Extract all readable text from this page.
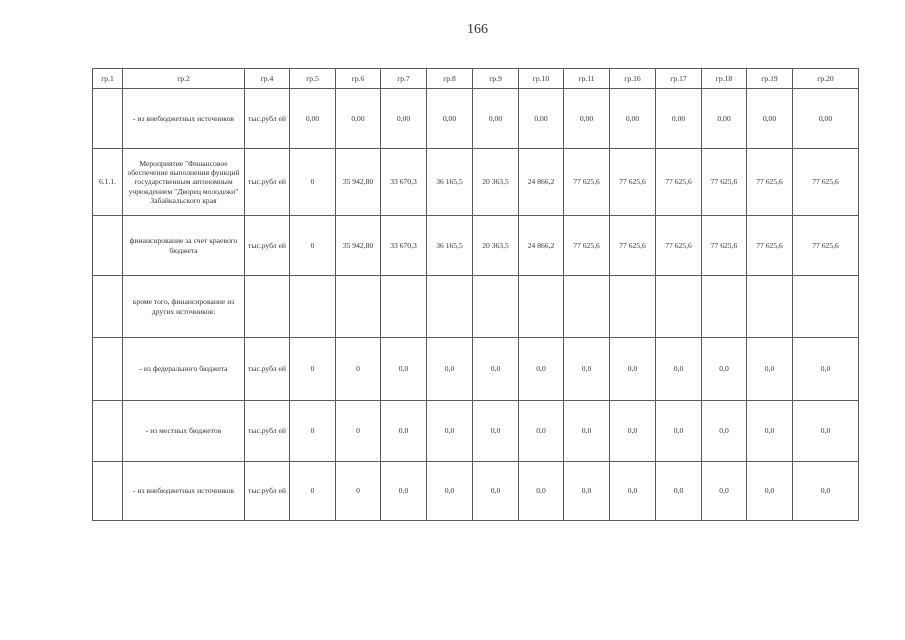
166
гр.1	гр.2	гр.4	гр.5	гр.6	гр.7	гр.8	гр.9	гр.10	гр.11	гр.16	гр.17	гр.18	гр.19	гр.20
	- из внебюджетных источников	тыс.рубл ей	0,00	0,00	0,00	0,00	0,00	0,00	0,00	0,00	0,00	0,00	0,00	0,00
6.1.1.	Мероприятие "Финансовое обеспечение выполнения функций государственным автономным учреждением "Дворец молодежи" Забайкальского края	тыс.рубл ей	0	35 942,80	33 670,3	36 165,5	20 363,5	24 866,2	77 625,6	77 625,6	77 625,6	77 625,6	77 625,6	77 625,6
	финансирование за счет краевого бюджета	тыс.рубл ей	0	35 942,80	33 670,3	36 165,5	20 363,5	24 866,2	77 625,6	77 625,6	77 625,6	77 625,6	77 625,6	77 625,6
	кроме того, финансирование из других источников:													
	- из федерального бюджета	тыс.рубл ей	0	0	0,0	0,0	0,0	0,0	0,0	0,0	0,0	0,0	0,0	0,0
	- из местных бюджетов	тыс.рубл ей	0	0	0,0	0,0	0,0	0,0	0,0	0,0	0,0	0,0	0,0	0,0
	- из внебюджетных источников	тыс.рубл ей	0	0	0,0	0,0	0,0	0,0	0,0	0,0	0,0	0,0	0,0	0,0
